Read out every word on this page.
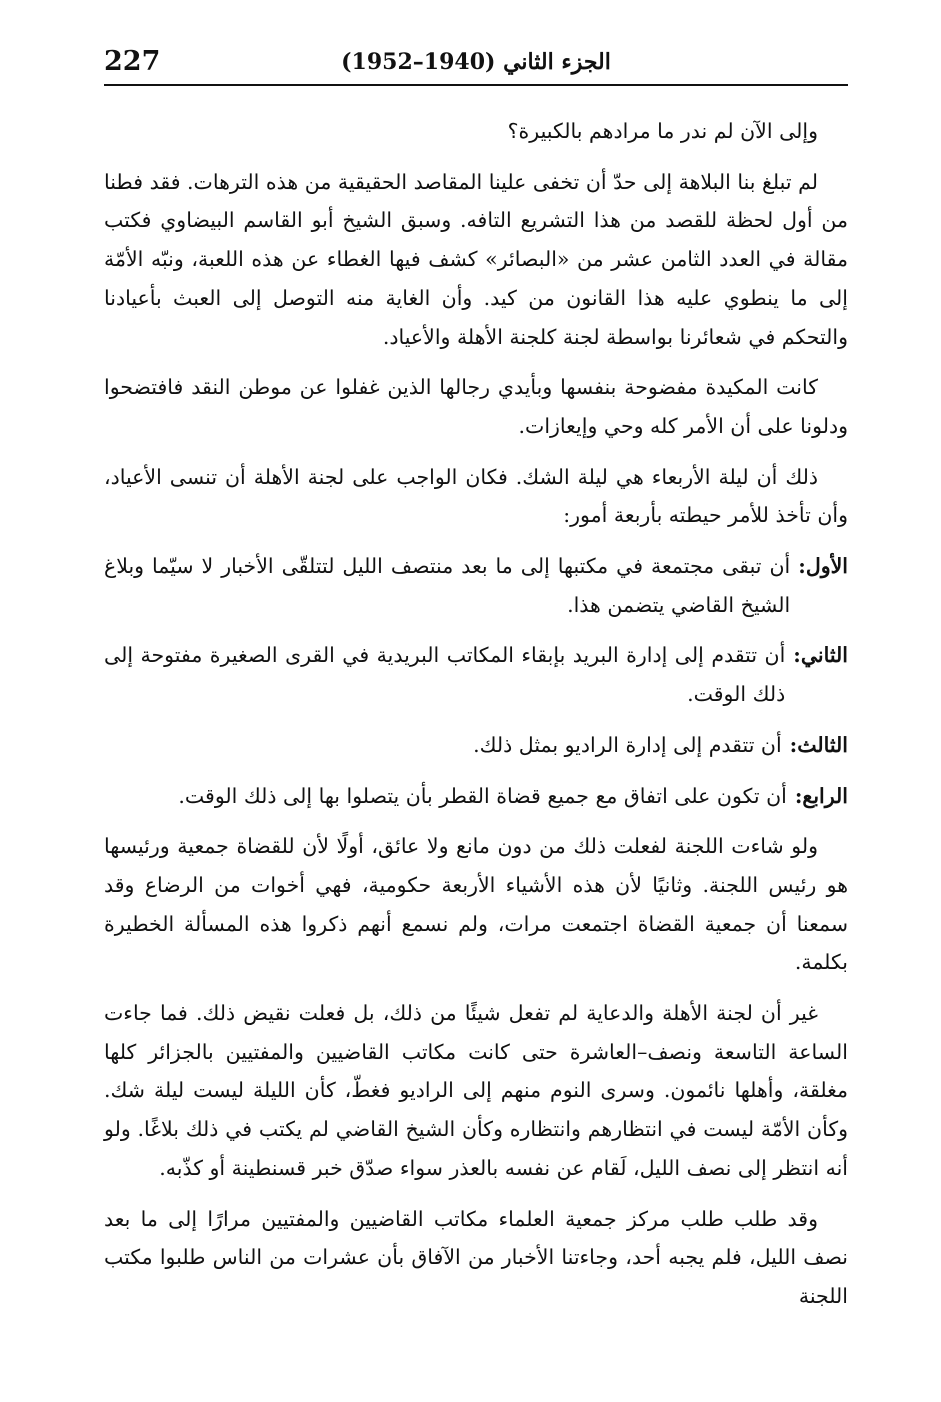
227	الجزء الثاني (1940–1952)

وإلى الآن لم ندر ما مرادهم بالكبيرة؟

لم تبلغ بنا البلاهة إلى حدّ أن تخفى علينا المقاصد الحقيقية من هذه الترهات. فقد فطنا من أول لحظة للقصد من هذا التشريع التافه. وسبق الشيخ أبو القاسم البيضاوي فكتب مقالة في العدد الثامن عشر من «البصائر» كشف فيها الغطاء عن هذه اللعبة، ونبّه الأمّة إلى ما ينطوي عليه هذا القانون من كيد. وأن الغاية منه التوصل إلى العبث بأعيادنا والتحكم في شعائرنا بواسطة لجنة كلجنة الأهلة والأعياد.

كانت المكيدة مفضوحة بنفسها وبأيدي رجالها الذين غفلوا عن موطن النقد فافتضحوا ودلونا على أن الأمر كله وحي وإيعازات.

ذلك أن ليلة الأربعاء هي ليلة الشك. فكان الواجب على لجنة الأهلة أن تنسى الأعياد، وأن تأخذ للأمر حيطته بأربعة أمور:

الأول:
أن تبقى مجتمعة في مكتبها إلى ما بعد منتصف الليل لتتلقّى الأخبار لا سيّما وبلاغ الشيخ القاضي يتضمن هذا.
الثاني:
أن تتقدم إلى إدارة البريد بإبقاء المكاتب البريدية في القرى الصغيرة مفتوحة إلى ذلك الوقت.
الثالث:
أن تتقدم إلى إدارة الراديو بمثل ذلك.
الرابع:
أن تكون على اتفاق مع جميع قضاة القطر بأن يتصلوا بها إلى ذلك الوقت.

ولو شاءت اللجنة لفعلت ذلك من دون مانع ولا عائق، أولًا لأن للقضاة جمعية ورئيسها هو رئيس اللجنة. وثانيًا لأن هذه الأشياء الأربعة حكومية، فهي أخوات من الرضاع وقد سمعنا أن جمعية القضاة اجتمعت مرات، ولم نسمع أنهم ذكروا هذه المسألة الخطيرة بكلمة.

غير أن لجنة الأهلة والدعاية لم تفعل شيئًا من ذلك، بل فعلت نقيض ذلك. فما جاءت الساعة التاسعة ونصف–العاشرة حتى كانت مكاتب القاضيين والمفتيين بالجزائر كلها مغلقة، وأهلها نائمون. وسرى النوم منهم إلى الراديو فغطّ، كأن الليلة ليست ليلة شك. وكأن الأمّة ليست في انتظارهم وانتظاره وكأن الشيخ القاضي لم يكتب في ذلك بلاغًا. ولو أنه انتظر إلى نصف الليل، لَقام عن نفسه بالعذر سواء صدّق خبر قسنطينة أو كذّبه.

وقد طلب طلب مركز جمعية العلماء مكاتب القاضيين والمفتيين مرارًا إلى ما بعد نصف الليل، فلم يجبه أحد، وجاءتنا الأخبار من الآفاق بأن عشرات من الناس طلبوا مكتب اللجنة
